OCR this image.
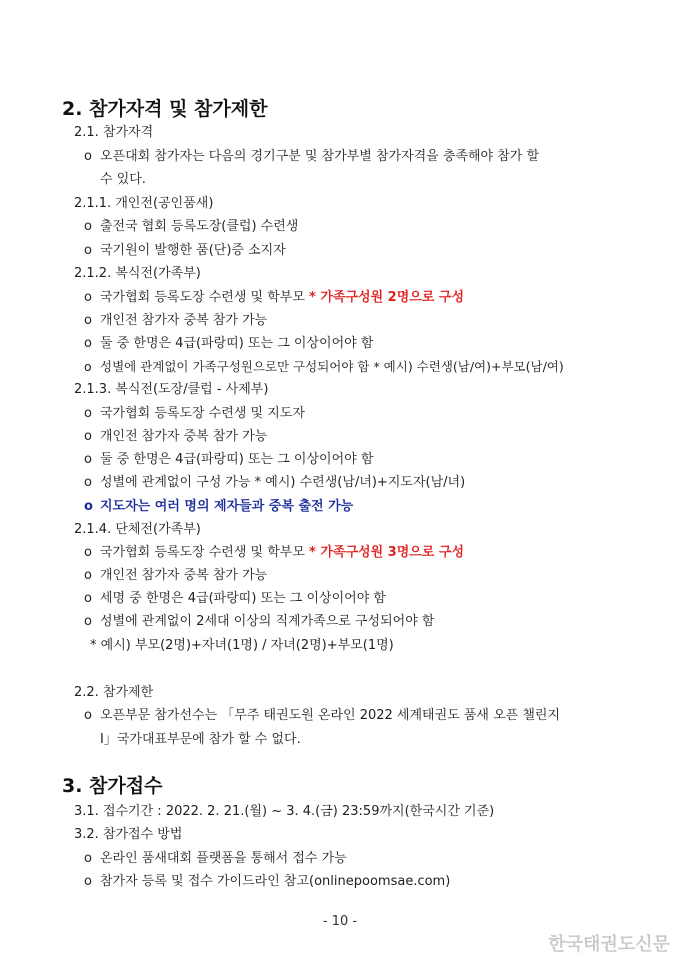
2. 참가자격 및 참가제한
2.1. 참가자격
o 오픈대회 참가자는 다음의 경기구분 및 참가부별 참가자격을 충족해야 참가 할
수 있다.
2.1.1. 개인전(공인품새)
o 출전국 협회 등록도장(클럽) 수련생
o 국기원이 발행한 품(단)증 소지자
2.1.2. 복식전(가족부)
o 국가협회 등록도장 수련생 및 학부모 * 가족구성원 2명으로 구성
o 개인전 참가자 중복 참가 가능
o 둘 중 한명은 4급(파랑띠) 또는 그 이상이어야 함
o 성별에 관계없이 가족구성원으로만 구성되어야 함 * 예시) 수련생(남/여)+부모(남/여)
2.1.3. 복식전(도장/클럽 - 사제부)
o 국가협회 등록도장 수련생 및 지도자
o 개인전 참가자 중복 참가 가능
o 둘 중 한명은 4급(파랑띠) 또는 그 이상이어야 함
o 성별에 관계없이 구성 가능 * 예시) 수련생(남/녀)+지도자(남/녀)
o 지도자는 여러 명의 제자들과 중복 출전 가능
2.1.4. 단체전(가족부)
o 국가협회 등록도장 수련생 및 학부모 * 가족구성원 3명으로 구성
o 개인전 참가자 중복 참가 가능
o 세명 중 한명은 4급(파랑띠) 또는 그 이상이어야 함
o 성별에 관계없이 2세대 이상의 직계가족으로 구성되어야 함
* 예시) 부모(2명)+자녀(1명) / 자녀(2명)+부모(1명)
2.2. 참가제한
o 오픈부문 참가선수는 「무주 태권도원 온라인 2022 세계태권도 품새 오픈 챌린지
Ⅰ」국가대표부문에 참가 할 수 없다.
3. 참가접수
3.1. 접수기간 : 2022. 2. 21.(월) ~ 3. 4.(금) 23:59까지(한국시간 기준)
3.2. 참가접수 방법
o 온라인 품새대회 플랫폼을 통해서 접수 가능
o 참가자 등록 및 접수 가이드라인 참고(onlinepoomsae.com)
- 10 -
한국태권도신문
